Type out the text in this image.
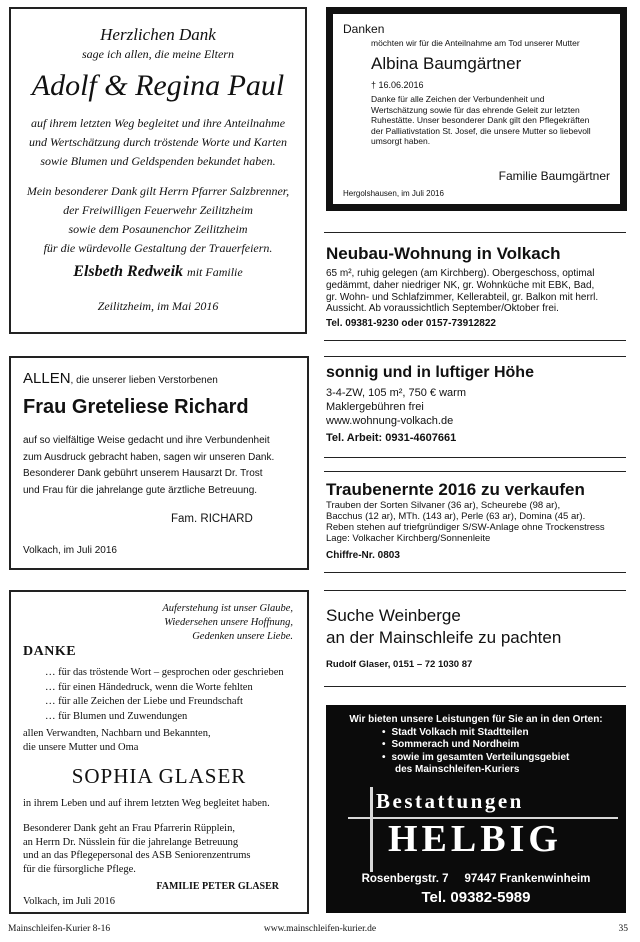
Herzlichen Dank
sage ich allen, die meine Eltern
Adolf & Regina Paul
auf ihrem letzten Weg begleitet und ihre Anteilnahme
und Wertschätzung durch tröstende Worte und Karten
sowie Blumen und Geldspenden bekundet haben.
Mein besonderer Dank gilt Herrn Pfarrer Salzbrenner,
der Freiwilligen Feuerwehr Zeilitzheim
sowie dem Posaunenchor Zeilitzheim
für die würdevolle Gestaltung der Trauerfeiern.
Elsbeth Redweik mit Familie
Zeilitzheim, im Mai 2016
Danken
möchten wir für die Anteilnahme am Tod unserer Mutter
Albina Baumgärtner
† 16.06.2016
Danke für alle Zeichen der Verbundenheit und
Wertschätzung sowie für das ehrende Geleit zur letzten
Ruhestätte. Unser besonderer Dank gilt den Pflegekräften
der Palliativstation St. Josef, die unsere Mutter so liebevoll
umsorgt haben.
Familie Baumgärtner
Hergolshausen, im Juli 2016
Neubau-Wohnung in Volkach
65 m², ruhig gelegen (am Kirchberg). Obergeschoss, optimal
gedämmt, daher niedriger NK, gr. Wohnküche mit EBK, Bad,
gr. Wohn- und Schlafzimmer, Kellerabteil, gr. Balkon mit herrl.
Aussicht. Ab voraussichtlich September/Oktober frei.
Tel. 09381-9230 oder 0157-73912822
sonnig und in luftiger Höhe
3-4-ZW, 105 m², 750 € warm
Maklergebühren frei
www.wohnung-volkach.de
Tel. Arbeit: 0931-4607661
Traubenernte 2016 zu verkaufen
Trauben der Sorten Silvaner (36 ar), Scheurebe (98 ar),
Bacchus (12 ar), MTh. (143 ar), Perle (63 ar), Domina (45 ar).
Reben stehen auf triefgründiger S/SW-Anlage ohne Trockenstress
Lage: Volkacher Kirchberg/Sonnenleite
Chiffre-Nr. 0803
Suche Weinberge
an der Mainschleife zu pachten
Rudolf Glaser, 0151 – 72 1030 87
ALLEN, die unserer lieben Verstorbenen
Frau Greteliese Richard
auf so vielfältige Weise gedacht und ihre Verbundenheit
zum Ausdruck gebracht haben, sagen wir unseren Dank.
Besonderer Dank gebührt unserem Hausarzt Dr. Trost
und Frau für die jahrelange gute ärztliche Betreuung.
Fam. RICHARD
Volkach, im Juli 2016
Auferstehung ist unser Glaube,
Wiedersehen unsere Hoffnung,
Gedenken unsere Liebe.
DANKE
… für das tröstende Wort – gesprochen oder geschrieben
… für einen Händedruck, wenn die Worte fehlten
… für alle Zeichen der Liebe und Freundschaft
… für Blumen und Zuwendungen
allen Verwandten, Nachbarn und Bekannten,
die unsere Mutter und Oma
SOPHIA GLASER
in ihrem Leben und auf ihrem letzten Weg begleitet haben.
Besonderer Dank geht an Frau Pfarrerin Rüpplein,
an Herrn Dr. Nüsslein für die jahrelange Betreuung
und an das Pflegepersonal des ASB Seniorenzentrums
für die fürsorgliche Pflege.
FAMILIE PETER GLASER
Volkach, im Juli 2016
Wir bieten unsere Leistungen für Sie an in den Orten:
• Stadt Volkach mit Stadtteilen
• Sommerach und Nordheim
• sowie im gesamten Verteilungsgebiet
des Mainschleifen-Kuriers
Bestattungen
HELBIG
Rosenbergstr. 7     97447 Frankenwinheim
Tel. 09382-5989
Mainschleifen-Kurier 8-16	www.mainschleifen-kurier.de	35
